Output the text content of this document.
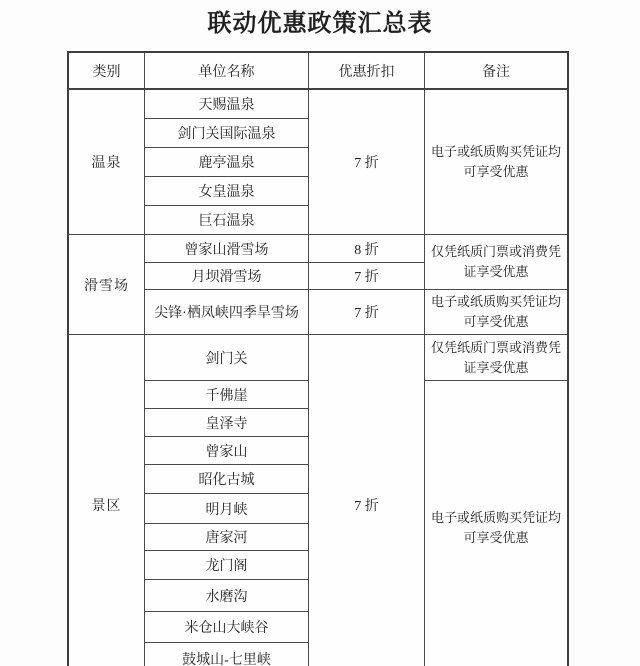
联动优惠政策汇总表
类别	单位名称	优惠折扣	备注
温泉	天赐温泉	7 折	电子或纸质购买凭证均可享受优惠
	剑门关国际温泉		
	鹿亭温泉		
	女皇温泉		
	巨石温泉		
滑雪场	曾家山滑雪场	8 折	仅凭纸质门票或消费凭证享受优惠
	月坝滑雪场	7 折	
	尖锋·栖凤峡四季旱雪场	7 折	电子或纸质购买凭证均可享受优惠
景区	剑门关	7 折	仅凭纸质门票或消费凭证享受优惠
	千佛崖		电子或纸质购买凭证均可享受优惠
	皇泽寺		
	曾家山		
	昭化古城		
	明月峡		
	唐家河		
	龙门阁		
	水磨沟		
	米仓山大峡谷		
	鼓城山-七里峡		
